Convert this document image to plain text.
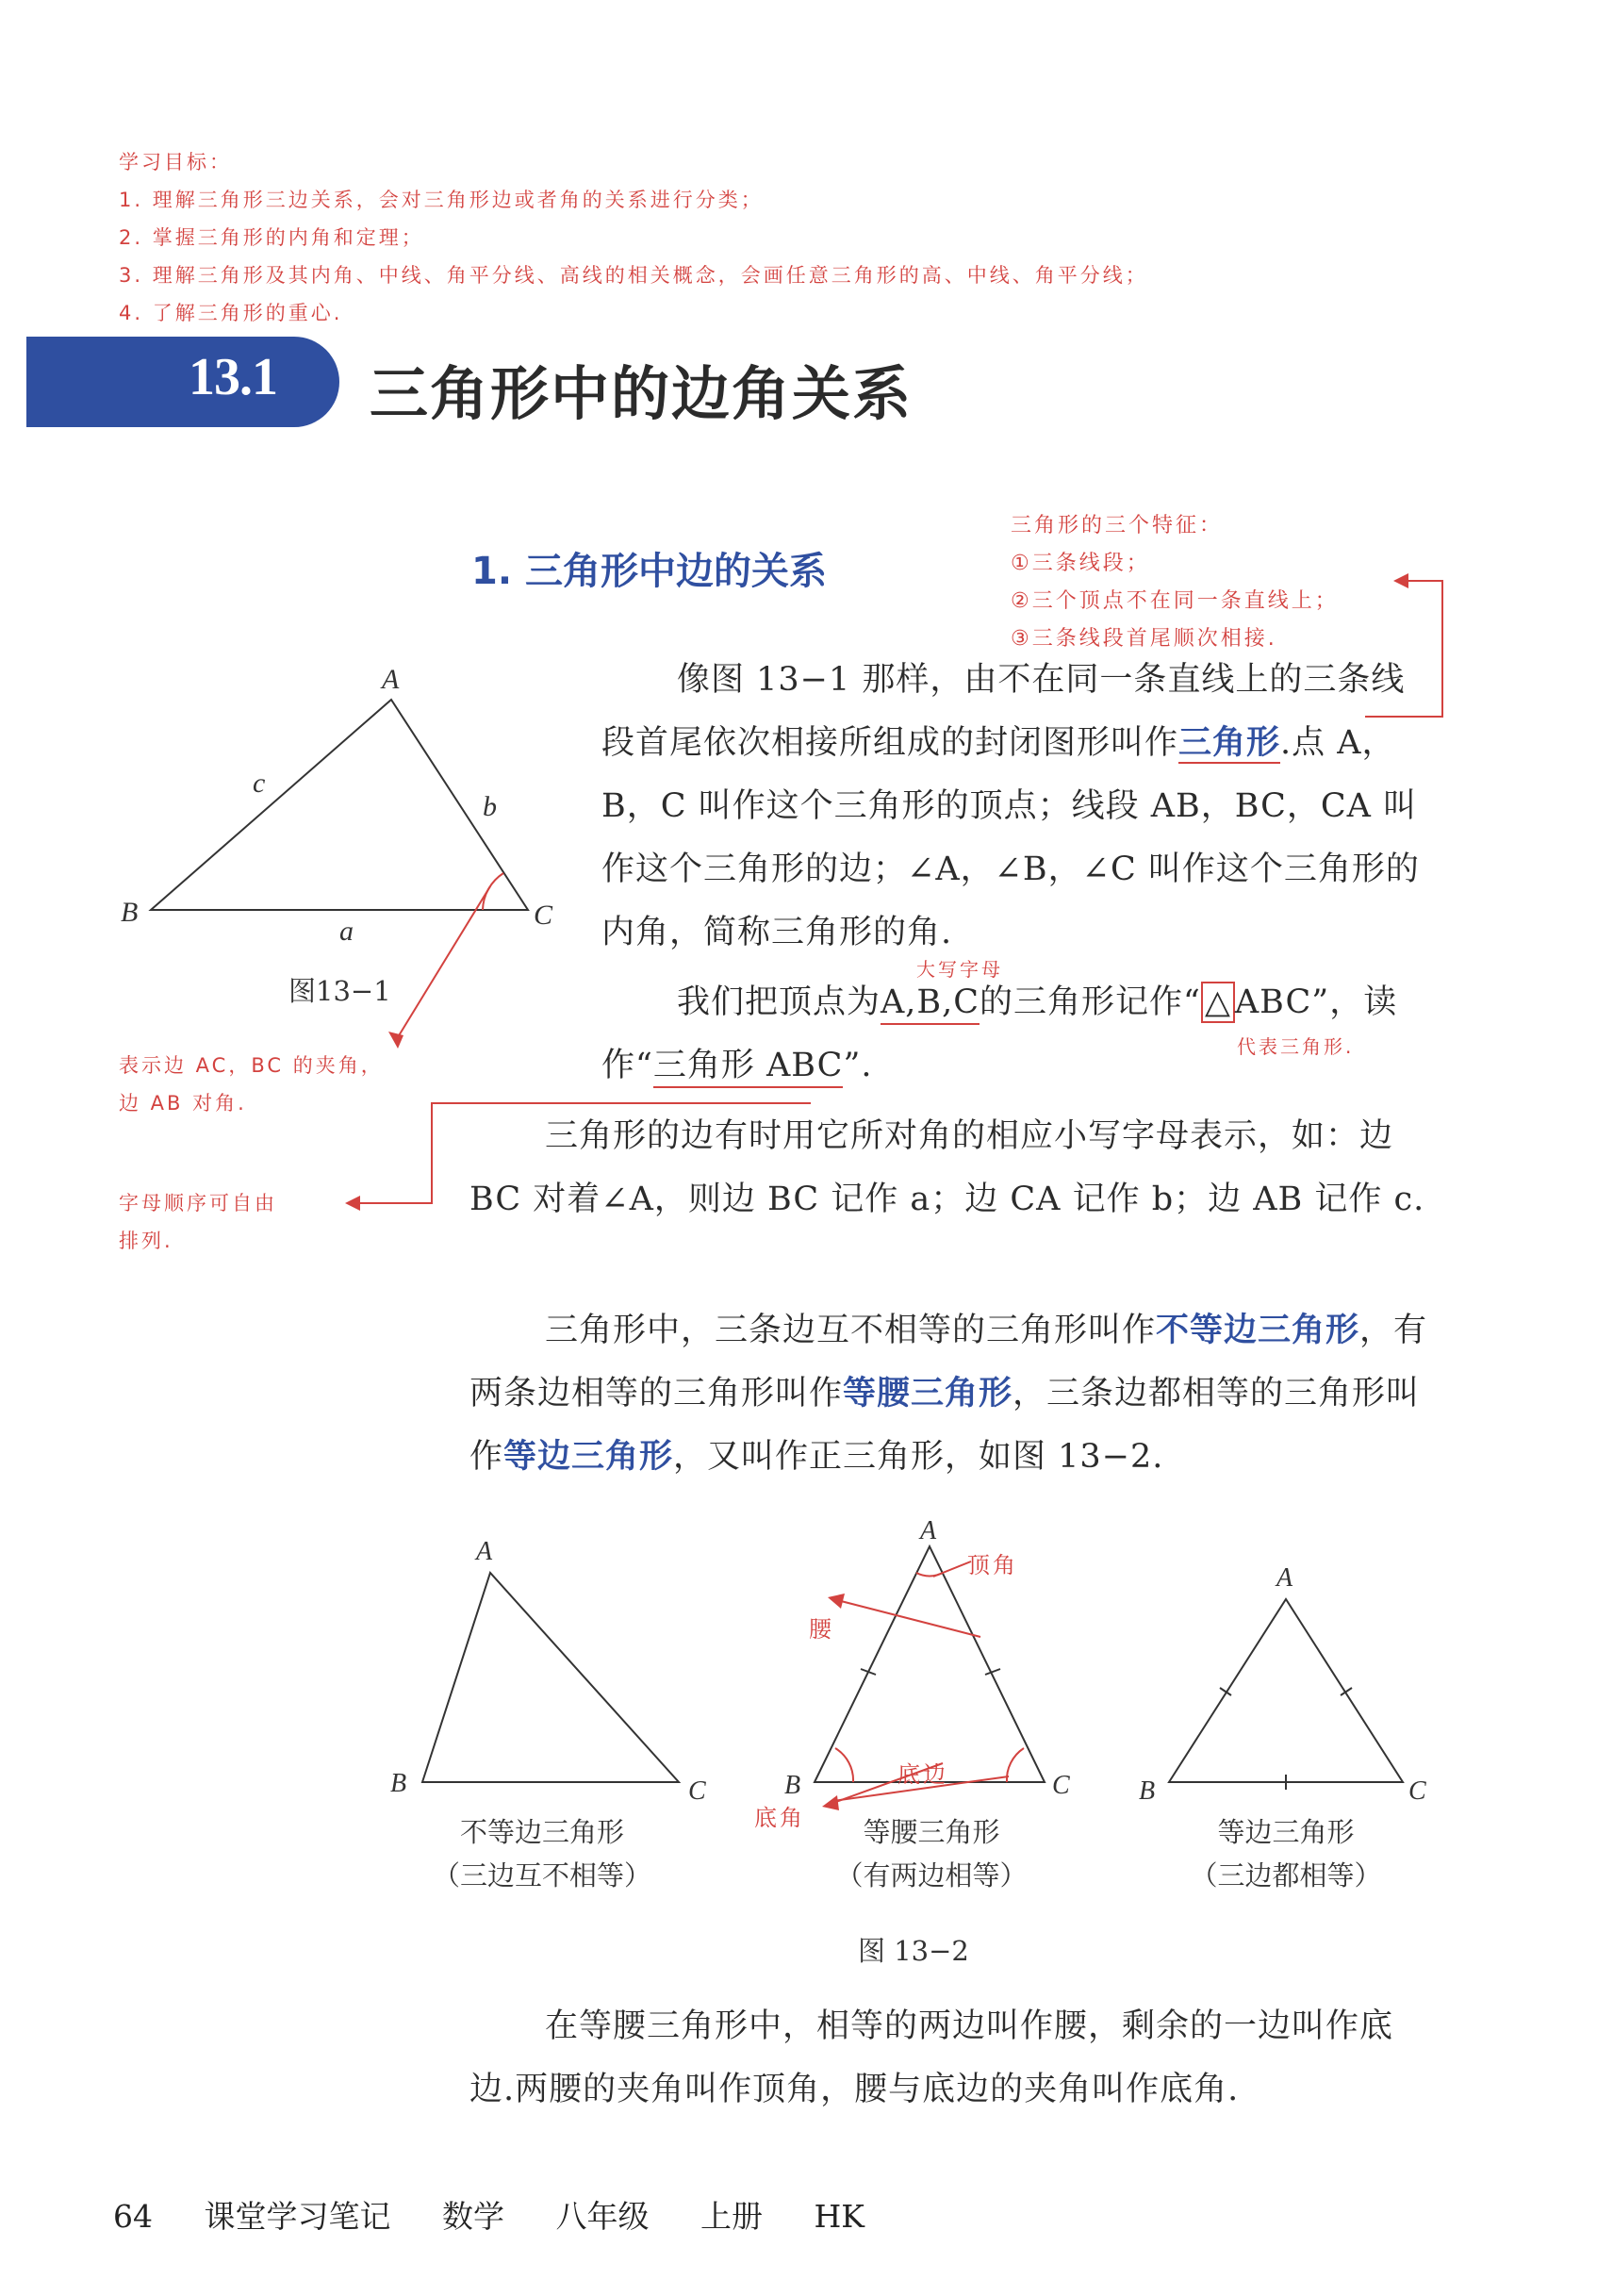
学习目标：
1. 理解三角形三边关系，会对三角形边或者角的关系进行分类；
2. 掌握三角形的内角和定理；
3. 理解三角形及其内角、中线、角平分线、高线的相关概念，会画任意三角形的高、中线、角平分线；
4. 了解三角形的重心.
13.1 三角形中的边角关系
1. 三角形中边的关系
三角形的三个特征：
①三条线段；
②三个顶点不在同一条直线上；
③三条线段首尾顺次相接.
A
B	C
a
b
c
图13−1
表示边 AC，BC 的夹角，
边 AB 对角.
字母顺序可自由
排列.
像图 13−1 那样，由不在同一条直线上的三条线段首尾依次相接所组成的封闭图形叫作三角形.点 A，B，C 叫作这个三角形的顶点；线段 AB，BC，CA 叫作这个三角形的边；∠A，∠B，∠C 叫作这个三角形的内角，简称三角形的角.
大写字母
代表三角形.
我们把顶点为A,B,C的三角形记作“ △ ABC”，读作“三角形 ABC”.
三角形的边有时用它所对角的相应小写字母表示，如：边 BC 对着∠A，则边 BC 记作 a；边 CA 记作 b；边 AB 记作 c.
三角形中，三条边互不相等的三角形叫作不等边三角形，有两条边相等的三角形叫作等腰三角形，三条边都相等的三角形叫作等边三角形，又叫作正三角形，如图 13−2.
A
B	C
A
B	C
A
B	C
顶角
腰
底边
底角
不等边三角形
（三边互不相等）
等腰三角形
（有两边相等）
等边三角形
（三边都相等）
图 13−2
在等腰三角形中，相等的两边叫作腰，剩余的一边叫作底边.两腰的夹角叫作顶角，腰与底边的夹角叫作底角.
64 课堂学习笔记 数学 八年级 上册 HK
